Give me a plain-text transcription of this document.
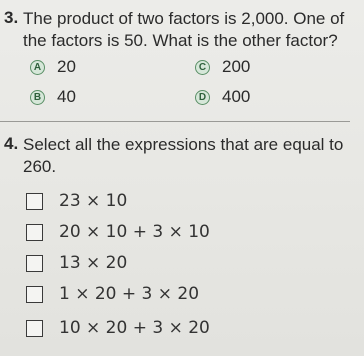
3. The product of two factors is 2,000. One of the factors is 50. What is the other factor?
A 20	C 200
B 40	D 400
4. Select all the expressions that are equal to 260.
23 × 10
20 × 10 + 3 × 10
13 × 20
1 × 20 + 3 × 20
10 × 20 + 3 × 20
